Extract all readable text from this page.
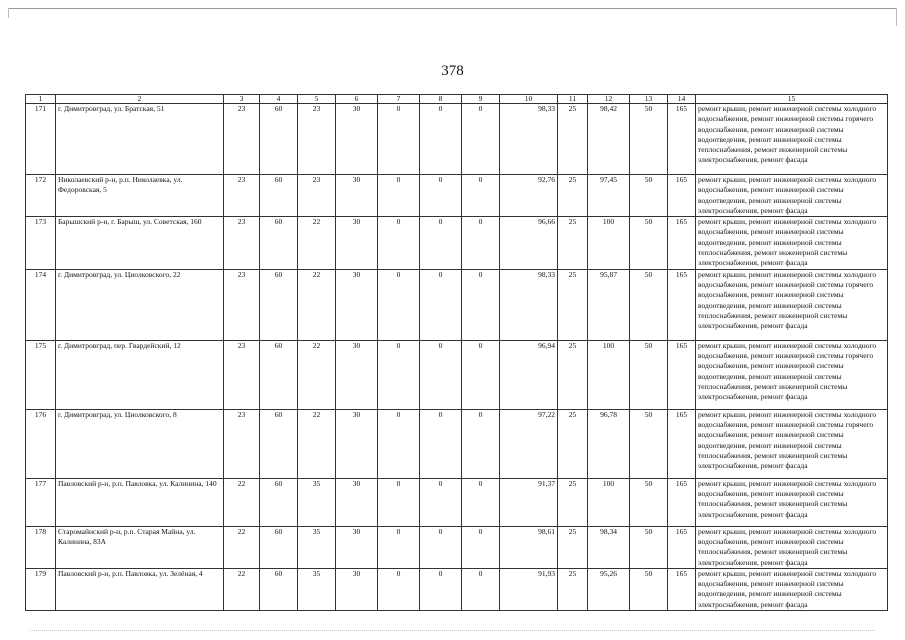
378
1	2	3	4	5	6	7	8	9	10	11	12	13	14	15
171	г. Димитровград, ул. Братская, 51	23	60	23	30	0	0	0	98,33	25	98,42	50	165	ремонт крыши, ремонт инженерной системы холодного водоснабжения, ремонт инженерной системы горячего водоснабжения, ремонт инженерной системы водоотведения, ремонт инженерной системы теплоснабжения, ремонт инженерной системы электроснабжения, ремонт фасада
172	Николаевский р-н, р.п. Николаевка, ул. Федоровская, 5	23	60	23	30	0	0	0	92,76	25	97,45	50	165	ремонт крыши, ремонт инженерной системы холодного водоснабжения, ремонт инженерной системы водоотведения, ремонт инженерной системы электроснабжения, ремонт фасада
173	Барышский р-н, г. Барыш, ул. Советская, 160	23	60	22	30	0	0	0	96,66	25	100	50	165	ремонт крыши, ремонт инженерной системы холодного водоснабжения, ремонт инженерной системы водоотведения, ремонт инженерной системы теплоснабжения, ремонт инженерной системы электроснабжения, ремонт фасада
174	г. Димитровград, ул. Циолковского, 22	23	60	22	30	0	0	0	98,33	25	95,87	50	165	ремонт крыши, ремонт инженерной системы холодного водоснабжения, ремонт инженерной системы горячего водоснабжения, ремонт инженерной системы водоотведения, ремонт инженерной системы теплоснабжения, ремонт инженерной системы электроснабжения, ремонт фасада
175	г. Димитровград, пер. Гвардейский, 12	23	60	22	30	0	0	0	96,94	25	100	50	165	ремонт крыши, ремонт инженерной системы холодного водоснабжения, ремонт инженерной системы горячего водоснабжения, ремонт инженерной системы водоотведения, ремонт инженерной системы теплоснабжения, ремонт инженерной системы электроснабжения, ремонт фасада
176	г. Димитровград, ул. Циолковского, 8	23	60	22	30	0	0	0	97,22	25	96,78	50	165	ремонт крыши, ремонт инженерной системы холодного водоснабжения, ремонт инженерной системы горячего водоснабжения, ремонт инженерной системы водоотведения, ремонт инженерной системы теплоснабжения, ремонт инженерной системы электроснабжения, ремонт фасада
177	Павловский р-н, р.п. Павловка, ул. Калинина, 140	22	60	35	30	0	0	0	91,37	25	100	50	165	ремонт крыши, ремонт инженерной системы холодного водоснабжения, ремонт инженерной системы теплоснабжения, ремонт инженерной системы электроснабжения, ремонт фасада
178	Старомайнский р-н, р.п. Старая Майна, ул. Калинина, 83А	22	60	35	30	0	0	0	98,61	25	98,34	50	165	ремонт крыши, ремонт инженерной системы холодного водоснабжения, ремонт инженерной системы теплоснабжения, ремонт инженерной системы электроснабжения, ремонт фасада
179	Павловский р-н, р.п. Павловка, ул. Зелёная, 4	22	60	35	30	0	0	0	91,93	25	95,26	50	165	ремонт крыши, ремонт инженерной системы холодного водоснабжения, ремонт инженерной системы водоотведения, ремонт инженерной системы электроснабжения, ремонт фасада
